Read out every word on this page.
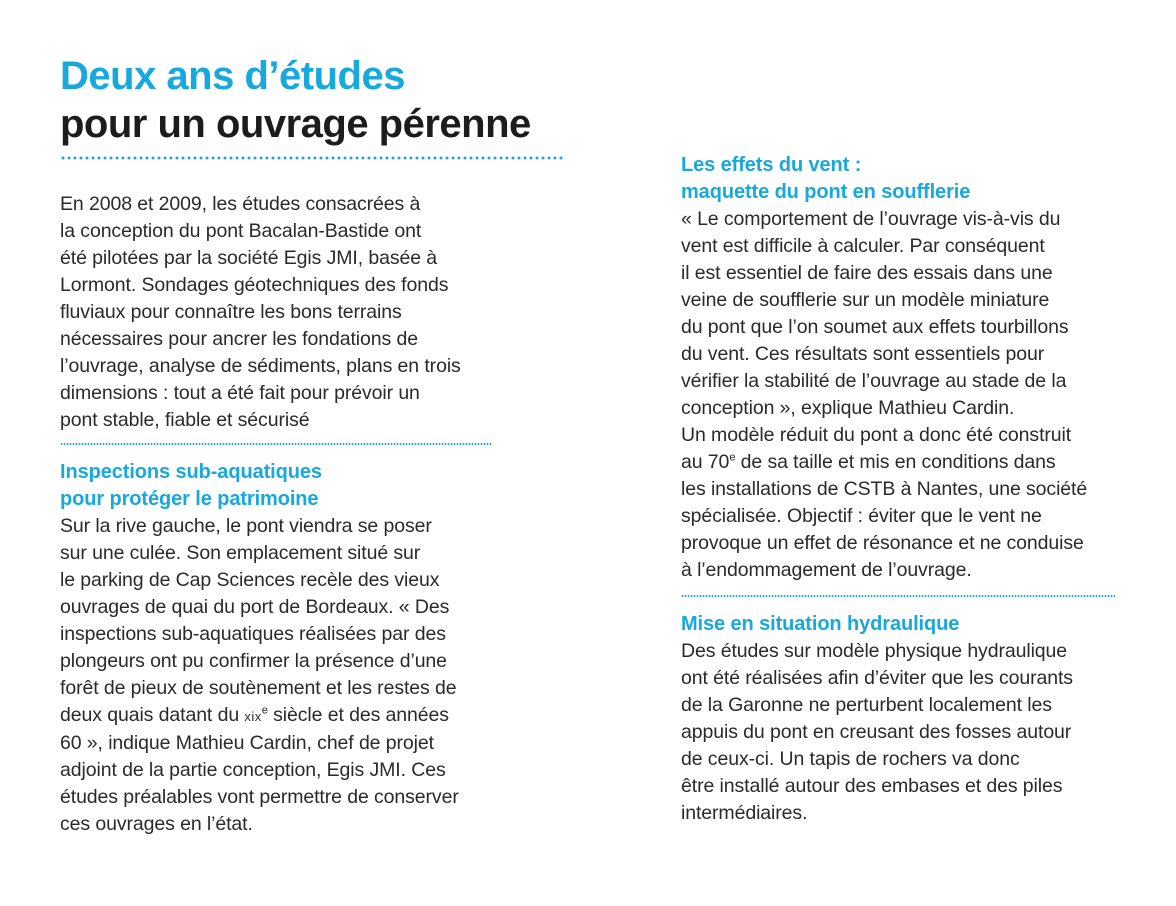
Deux ans d’études
pour un ouvrage pérenne

En 2008 et 2009, les études consacrées à
la conception du pont Bacalan-Bastide ont
été pilotées par la société Egis JMI, basée à
Lormont. Sondages géotechniques des fonds
fluviaux pour connaître les bons terrains
nécessaires pour ancrer les fondations de
l’ouvrage, analyse de sédiments, plans en trois
dimensions : tout a été fait pour prévoir un
pont stable, fiable et sécurisé

Inspections sub-aquatiques
pour protéger le patrimoine

Sur la rive gauche, le pont viendra se poser
sur une culée. Son emplacement situé sur
le parking de Cap Sciences recèle des vieux
ouvrages de quai du port de Bordeaux. « Des
inspections sub-aquatiques réalisées par des
plongeurs ont pu confirmer la présence d’une
forêt de pieux de soutènement et les restes de
deux quais datant du xix$^e$ siècle et des années
60 », indique Mathieu Cardin, chef de projet
adjoint de la partie conception, Egis JMI. Ces
études préalables vont permettre de conserver
ces ouvrages en l’état.

Les effets du vent :
maquette du pont en soufflerie

« Le comportement de l’ouvrage vis-à-vis du
vent est difficile à calculer. Par conséquent
il est essentiel de faire des essais dans une
veine de soufflerie sur un modèle miniature
du pont que l’on soumet aux effets tourbillons
du vent. Ces résultats sont essentiels pour
vérifier la stabilité de l’ouvrage au stade de la
conception », explique Mathieu Cardin.
Un modèle réduit du pont a donc été construit
au 70e de sa taille et mis en conditions dans
les installations de CSTB à Nantes, une société
spécialisée. Objectif : éviter que le vent ne
provoque un effet de résonance et ne conduise
à l’endommagement de l’ouvrage.

Mise en situation hydraulique

Des études sur modèle physique hydraulique
ont été réalisées afin d’éviter que les courants
de la Garonne ne perturbent localement les
appuis du pont en creusant des fosses autour
de ceux-ci. Un tapis de rochers va donc
être installé autour des embases et des piles
intermédiaires.
